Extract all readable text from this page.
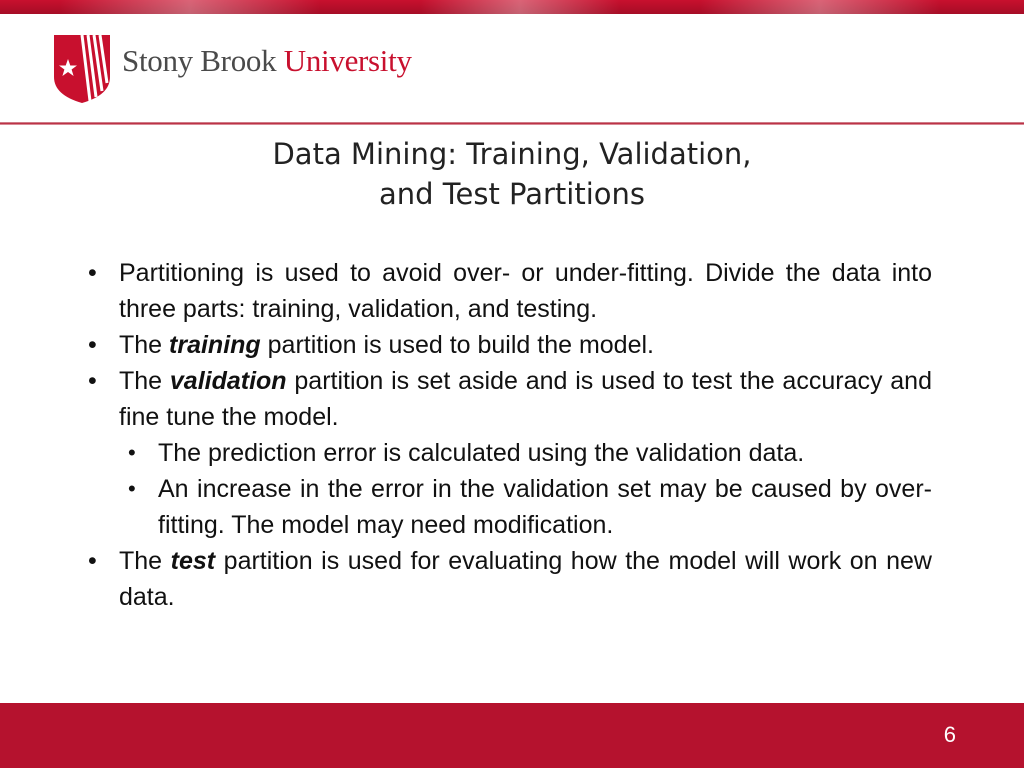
Stony Brook University
Data Mining: Training, Validation,
and Test Partitions
• Partitioning is used to avoid over- or under-fitting. Divide the data into three parts: training, validation, and testing.
• The training partition is used to build the model.
• The validation partition is set aside and is used to test the accuracy and fine tune the model.
• The prediction error is calculated using the validation data.
• An increase in the error in the validation set may be caused by over-fitting. The model may need modification.
• The test partition is used for evaluating how the model will work on new data.
6
